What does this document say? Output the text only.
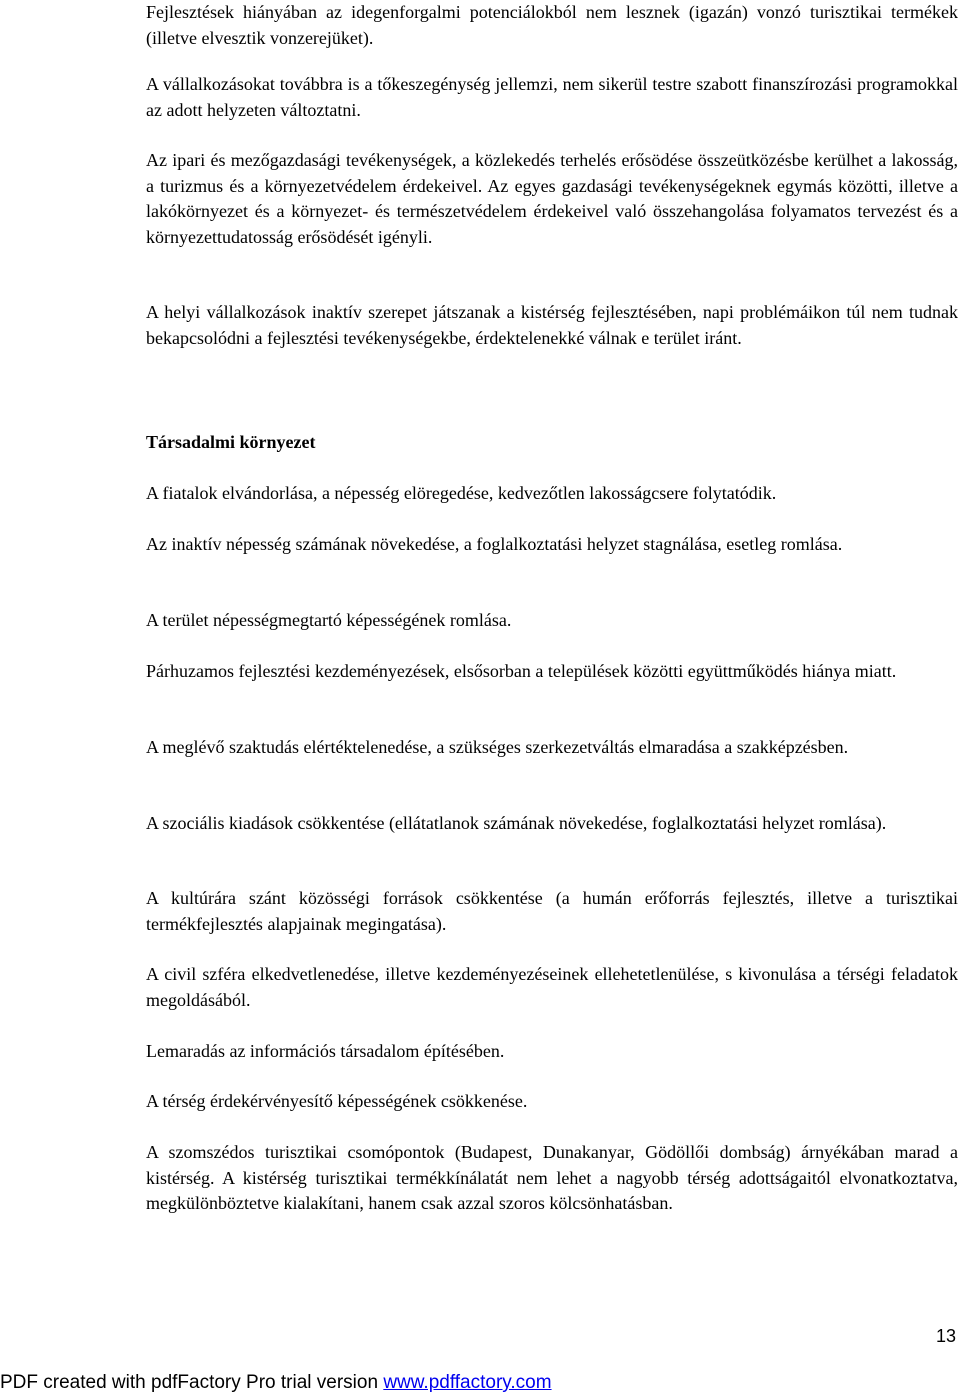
Fejlesztések hiányában az idegenforgalmi potenciálokból nem lesznek (igazán) vonzó turisztikai termékek (illetve elvesztik vonzerejüket).

A vállalkozásokat továbbra is a tőkeszegénység jellemzi, nem sikerül testre szabott finanszírozási programokkal az adott helyzeten változtatni.

Az ipari és mezőgazdasági tevékenységek, a közlekedés terhelés erősödése összeütközésbe kerülhet a lakosság, a turizmus és a környezetvédelem érdekeivel. Az egyes gazdasági tevékenységeknek egymás közötti, illetve a lakókörnyezet és a környezet- és természetvédelem érdekeivel való összehangolása folyamatos tervezést és a környezettudatosság erősödését igényli.

A helyi vállalkozások inaktív szerepet játszanak a kistérség fejlesztésében, napi problémáikon túl nem tudnak bekapcsolódni a fejlesztési tevékenységekbe, érdektelenekké válnak e terület iránt.

Társadalmi környezet

A fiatalok elvándorlása, a népesség elöregedése, kedvezőtlen lakosságcsere folytatódik.

Az inaktív népesség számának növekedése, a foglalkoztatási helyzet stagnálása, esetleg romlása.

A terület népességmegtartó képességének romlása.

Párhuzamos fejlesztési kezdeményezések, elsősorban a települések közötti együttműködés hiánya miatt.

A meglévő szaktudás elértéktelenedése, a szükséges szerkezetváltás elmaradása a szakképzésben.

A szociális kiadások csökkentése (ellátatlanok számának növekedése, foglalkoztatási helyzet romlása).

A kultúrára szánt közösségi források csökkentése (a humán erőforrás fejlesztés, illetve a turisztikai termékfejlesztés alapjainak megingatása).

A civil szféra elkedvetlenedése, illetve kezdeményezéseinek ellehetetlenülése, s kivonulása a térségi feladatok megoldásából.

Lemaradás az információs társadalom építésében.

A térség érdekérvényesítő képességének csökkenése.

A szomszédos turisztikai csomópontok (Budapest, Dunakanyar, Gödöllői dombság) árnyékában marad a kistérség. A kistérség turisztikai termékkínálatát nem lehet a nagyobb térség adottságaitól elvonatkoztatva, megkülönböztetve kialakítani, hanem csak azzal szoros kölcsönhatásban.

13
PDF created with pdfFactory Pro trial version www.pdffactory.com
